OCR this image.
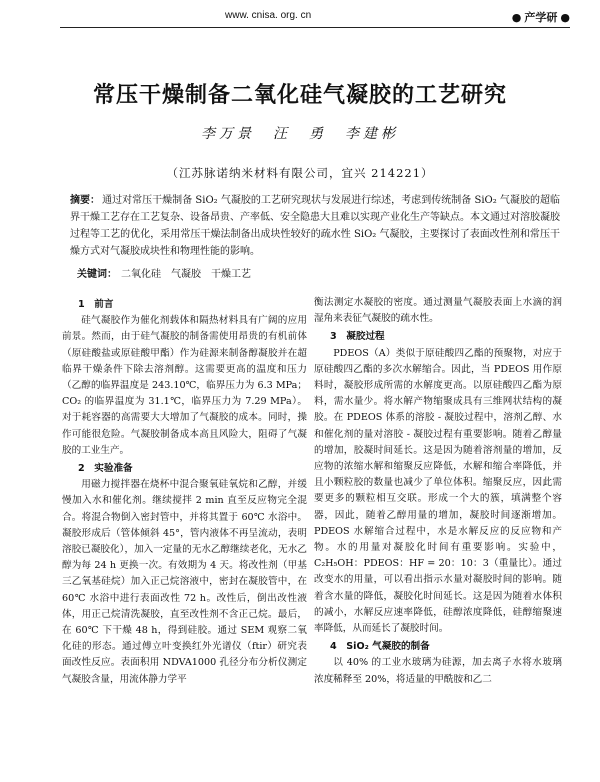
www. cnisa. org. cn
●	产学研 ●
常压干燥制备二氧化硅气凝胶的工艺研究
李万景　汪　勇　李建彬
（江苏脉诺纳米材料有限公司，宜兴 214221）
摘要： 通过对常压干燥制备 SiO₂ 气凝胶的工艺研究现状与发展进行综述，考虑到传统制备 SiO₂ 气凝胶的超临界干燥工艺存在工艺复杂、设备昂贵、产率低、安全隐患大且难以实现产业化生产等缺点。本文通过对溶胶凝胶过程等工艺的优化，采用常压干燥法制备出成块性较好的疏水性 SiO₂ 气凝胶，主要探讨了表面改性剂和常压干燥方式对气凝胶成块性和物理性能的影响。
关键词： 二氧化硅　气凝胶　干燥工艺
1　前言

硅气凝胶作为催化剂载体和隔热材料具有广阔的应用前景。然而，由于硅气凝胶的制备需使用昂贵的有机前体（原硅酸盐或原硅酸甲酯）作为硅源来制备醇凝胶并在超临界干燥条件下除去溶剂醇。这需要更高的温度和压力（乙醇的临界温度是 243.10℃，临界压力为 6.3 MPa；CO₂ 的临界温度为 31.1℃，临界压力为 7.29 MPa）。对于耗容器的高需要大大增加了气凝胶的成本。同时，操作可能很危险。气凝胶制备成本高且风险大，阻碍了气凝胶的工业生产。

2　实验准备

用磁力搅拌器在烧杯中混合聚氧硅氧烷和乙醇，并缓慢加入水和催化剂。继续搅拌 2 min 直至反应物完全混合。将混合物倒入密封管中，并将其置于 60℃ 水浴中。凝胶形成后（管体倾斜 45°，管内液体不再呈流动，表明溶胶已凝胶化），加入一定量的无水乙醇继续老化，无水乙醇为每 24 h 更换一次。有效期为 4 天。将改性剂（甲基三乙氧基硅烷）加入正己烷溶液中，密封在凝胶管中，在 60℃ 水浴中进行表面改性 72 h。改性后，倒出改性液体，用正己烷清洗凝胶，直至改性剂不含正己烷。最后，在 60℃ 下干燥 48 h，得到硅胶。通过 SEM 观察二氧化硅的形态。通过傅立叶变换红外光谱仪（ftir）研究表面改性反应。表面积用 NDVA1000 孔径分布分析仪测定气凝胶含量，用流体静力学平

衡法测定水凝胶的密度。通过测量气凝胶表面上水滴的润湿角来表征气凝胶的疏水性。

3　凝胶过程

PDEOS（A）类似于原硅酸四乙酯的预聚物，对应于原硅酸四乙酯的多次水解缩合。因此，当 PDEOS 用作原料时，凝胶形成所需的水解度更高。以原硅酸四乙酯为原料，需水量少。将水解产物缩聚成具有三维网状结构的凝胶。在 PDEOS 体系的溶胶 - 凝胶过程中，溶剂乙醇、水和催化剂的量对溶胶 - 凝胶过程有重要影响。随着乙醇量的增加，胶凝时间延长。这是因为随着溶剂量的增加，反应物的浓缩水解和缩聚反应降低，水解和缩合率降低，并且小颗粒胶的数量也减少了单位体积。缩聚反应，因此需要更多的颗粒相互交联。形成一个大的簇，填满整个容器，因此，随着乙醇用量的增加，凝胶时间逐渐增加。PDEOS 水解缩合过程中，水是水解反应的反应物和产物。水的用量对凝胶化时间有重要影响。实验中，C₂H₅OH：PDEOS：HF = 20：10：3（重量比）。通过改变水的用量，可以看出指示水量对凝胶时间的影响。随着含水量的降低，凝胶化时间延长。这是因为随着水体积的减小，水解反应速率降低，硅醇浓度降低，硅醇缩聚速率降低，从而延长了凝胶时间。

4　SiO₂ 气凝胶的制备

以 40% 的工业水玻璃为硅源，加去离子水将水玻璃浓度稀释至 20%，将适量的甲酰胺和乙二
